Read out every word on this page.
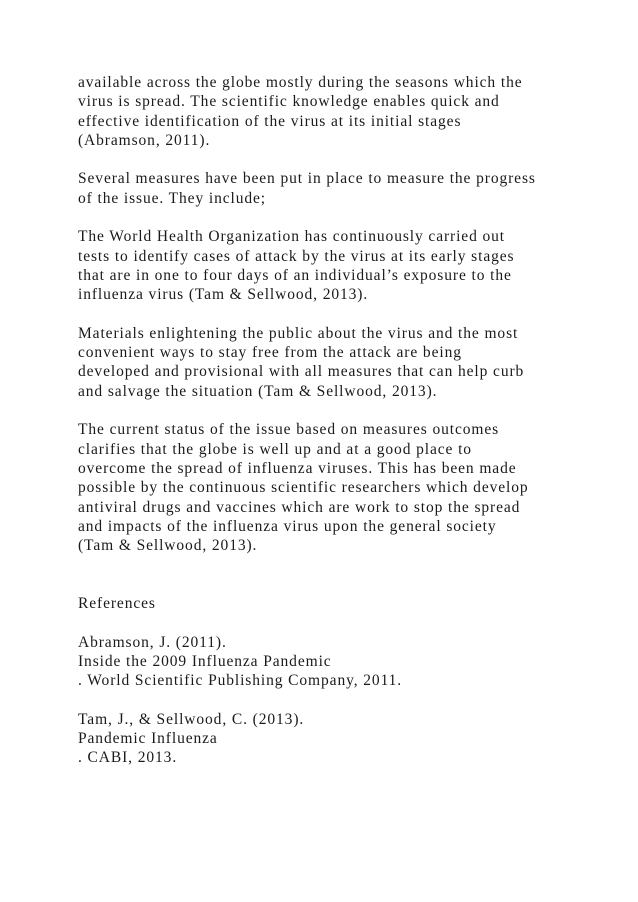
available across the globe mostly during the seasons which the
virus is spread. The scientific knowledge enables quick and
effective identification of the virus at its initial stages
(Abramson, 2011).
Several measures have been put in place to measure the progress
of the issue. They include;
The World Health Organization has continuously carried out
tests to identify cases of attack by the virus at its early stages
that are in one to four days of an individual’s exposure to the
influenza virus (Tam & Sellwood, 2013).
Materials enlightening the public about the virus and the most
convenient ways to stay free from the attack are being
developed and provisional with all measures that can help curb
and salvage the situation (Tam & Sellwood, 2013).
The current status of the issue based on measures outcomes
clarifies that the globe is well up and at a good place to
overcome the spread of influenza viruses. This has been made
possible by the continuous scientific researchers which develop
antiviral drugs and vaccines which are work to stop the spread
and impacts of the influenza virus upon the general society
(Tam & Sellwood, 2013).
References
Abramson, J. (2011).
Inside the 2009 Influenza Pandemic
. World Scientific Publishing Company, 2011.
Tam, J., & Sellwood, C. (2013).
Pandemic Influenza
. CABI, 2013.
